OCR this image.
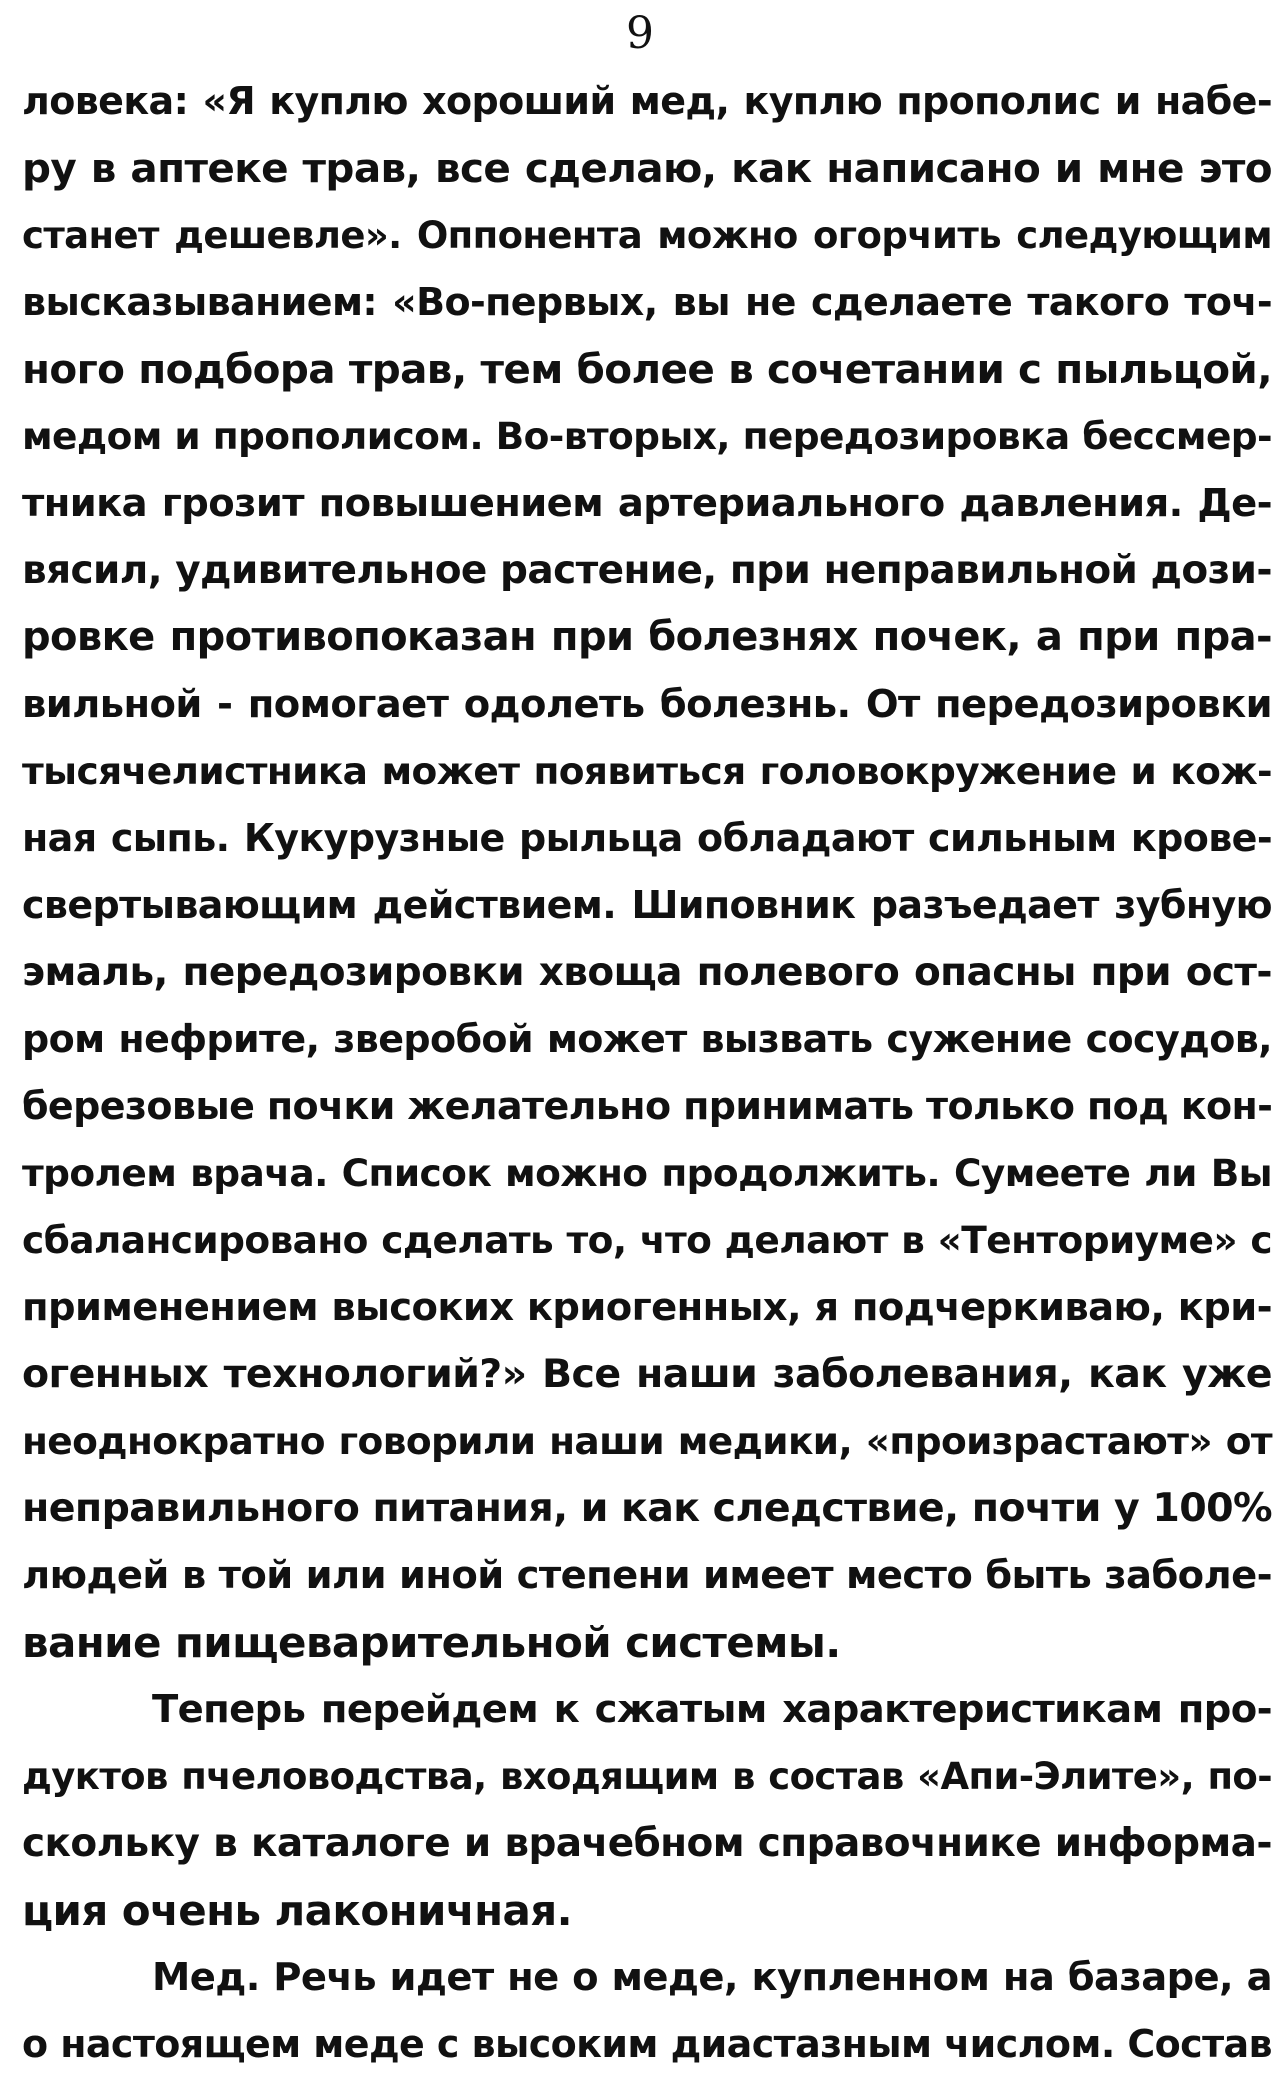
9
ловека: «Я куплю хороший мед, куплю прополис и набе-
ру в аптеке трав, все сделаю, как написано и мне это
станет дешевле». Оппонента можно огорчить следующим
высказыванием: «Во-первых, вы не сделаете такого точ-
ного подбора трав, тем более в сочетании с пыльцой,
медом и прополисом. Во-вторых, передозировка бессмер-
тника грозит повышением артериального давления. Де-
вясил, удивительное растение, при неправильной дози-
ровке противопоказан при болезнях почек, а при пра-
вильной - помогает одолеть болезнь. От передозировки
тысячелистника может появиться головокружение и кож-
ная сыпь. Кукурузные рыльца обладают сильным крове-
свертывающим действием. Шиповник разъедает зубную
эмаль, передозировки хвоща полевого опасны при ост-
ром нефрите, зверобой может вызвать сужение сосудов,
березовые почки желательно принимать только под кон-
тролем врача. Список можно продолжить. Сумеете ли Вы
сбалансировано сделать то, что делают в «Тенториуме» с
применением высоких криогенных, я подчеркиваю, кри-
огенных технологий?» Все наши заболевания, как уже
неоднократно говорили наши медики, «произрастают» от
неправильного питания, и как следствие, почти у 100%
людей в той или иной степени имеет место быть заболе-
вание пищеварительной системы.
Теперь перейдем к сжатым характеристикам про-
дуктов пчеловодства, входящим в состав «Апи-Элите», по-
скольку в каталоге и врачебном справочнике информа-
ция очень лаконичная.
Мед. Речь идет не о меде, купленном на базаре, а
о настоящем меде с высоким диастазным числом. Состав
